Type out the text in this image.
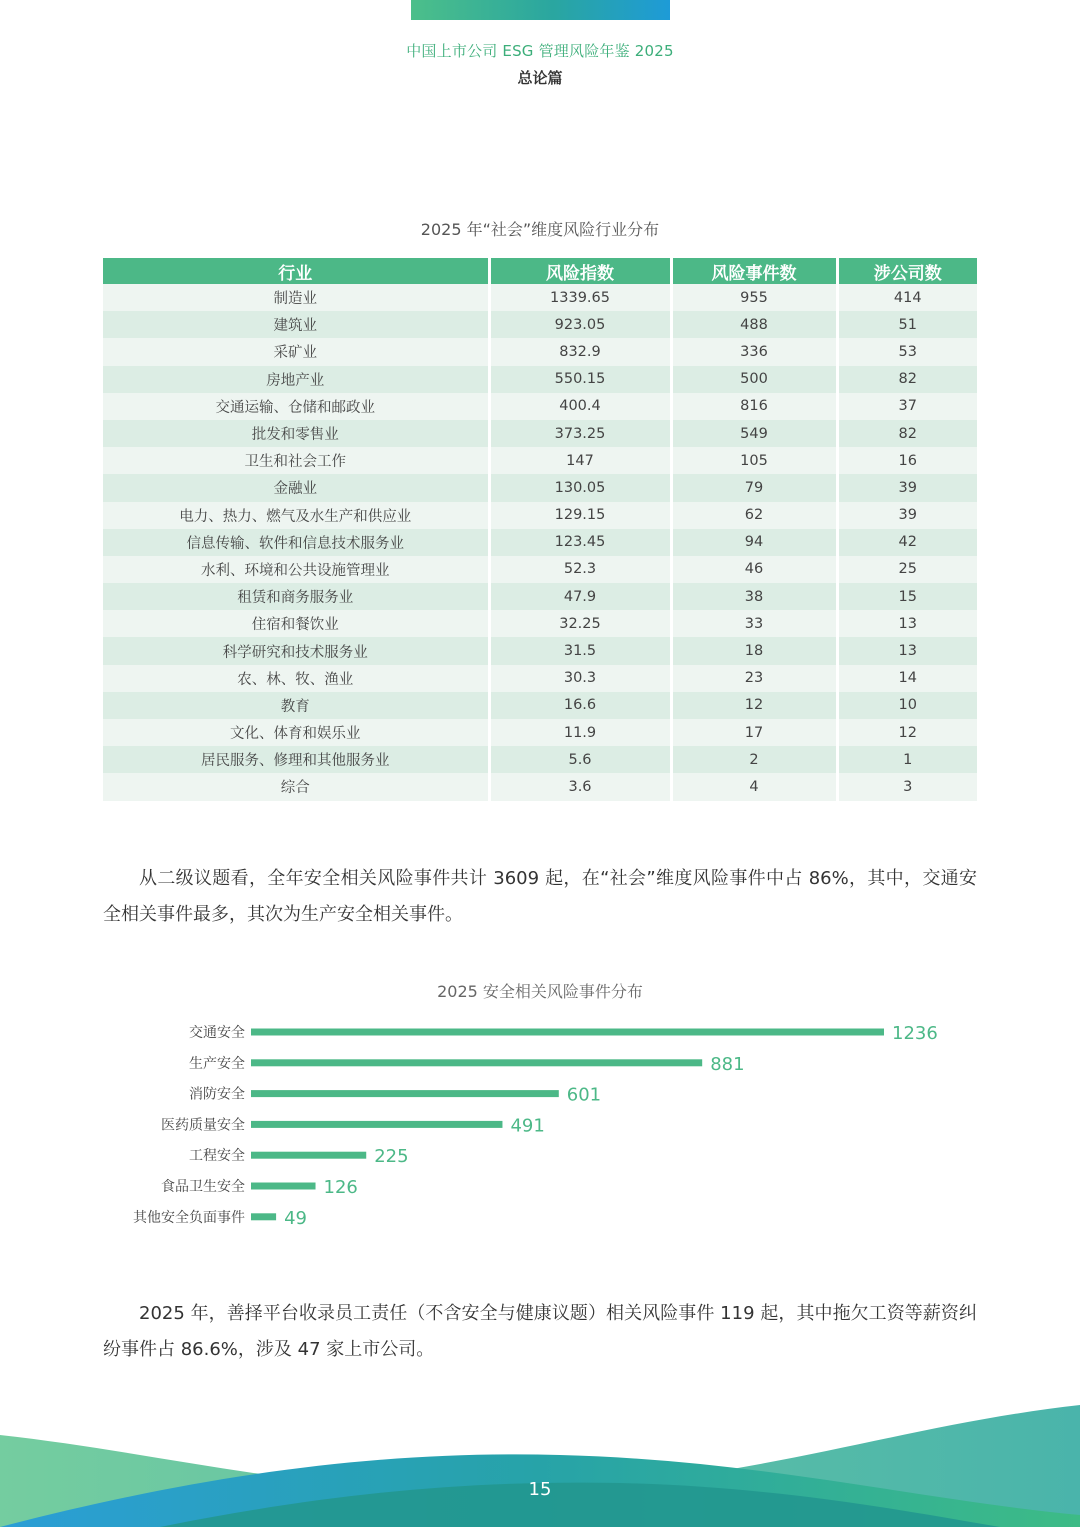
中国上市公司 ESG 管理风险年鉴 2025
总论篇
2025 年“社会”维度风险行业分布
行业	风险指数	风险事件数	涉公司数
制造业	1339.65	955	414
建筑业	923.05	488	51
采矿业	832.9	336	53
房地产业	550.15	500	82
交通运输、仓储和邮政业	400.4	816	37
批发和零售业	373.25	549	82
卫生和社会工作	147	105	16
金融业	130.05	79	39
电力、热力、燃气及水生产和供应业	129.15	62	39
信息传输、软件和信息技术服务业	123.45	94	42
水利、环境和公共设施管理业	52.3	46	25
租赁和商务服务业	47.9	38	15
住宿和餐饮业	32.25	33	13
科学研究和技术服务业	31.5	18	13
农、林、牧、渔业	30.3	23	14
教育	16.6	12	10
文化、体育和娱乐业	11.9	17	12
居民服务、修理和其他服务业	5.6	2	1
综合	3.6	4	3
从二级议题看，全年安全相关风险事件共计 3609 起，在“社会”维度风险事件中占 86%，其中，交通安全相关事件最多，其次为生产安全相关事件。
2025 安全相关风险事件分布
交通安全	1236
生产安全	881
消防安全	601
医药质量安全	491
工程安全	225
食品卫生安全	126
其他安全负面事件 49
2025 年，善择平台收录员工责任（不含安全与健康议题）相关风险事件 119 起，其中拖欠工资等薪资纠纷事件占 86.6%，涉及 47 家上市公司。
15
